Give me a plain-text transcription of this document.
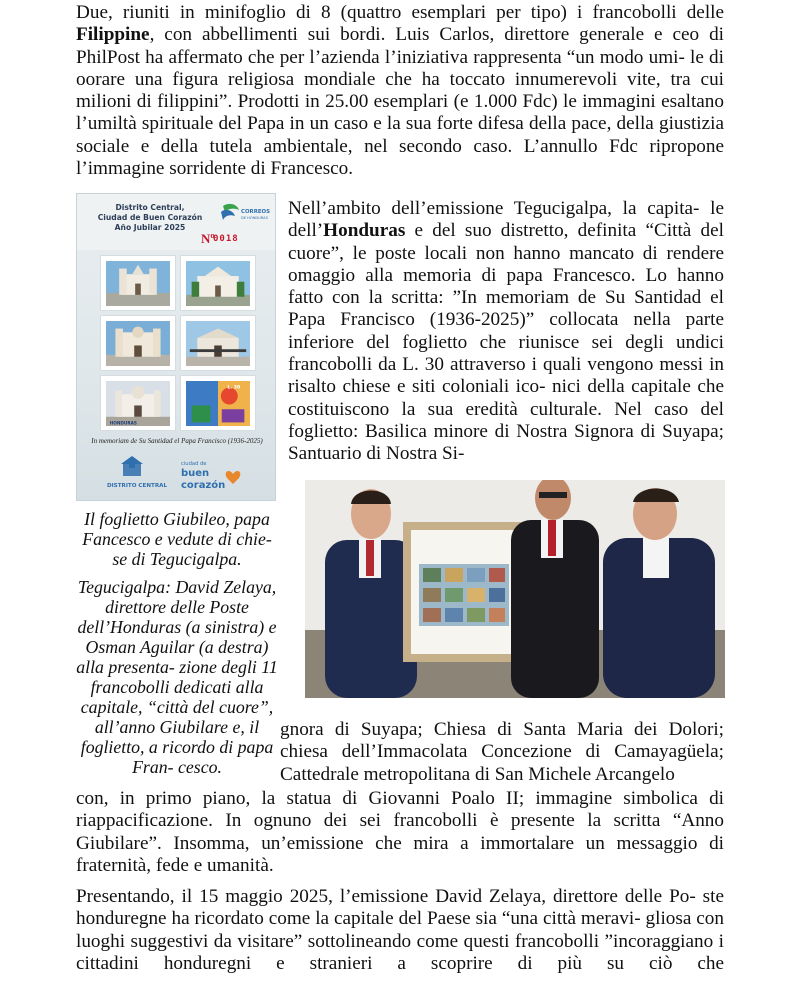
Due, riuniti in minifoglio di 8 (quattro esemplari per tipo) i francobolli delle Filippine, con abbellimenti sui bordi. Luis Carlos, direttore generale e ceo di PhilPost ha affermato che per l’azienda l’iniziativa rappresenta “un modo umi- le di oorare una figura religiosa mondiale che ha toccato innumerevoli vite, tra cui milioni di filippini”. Prodotti in 25.00 esemplari (e 1.000 Fdc) le immagini esaltano l’umiltà spirituale del Papa in un caso e la sua forte difesa della pace, della giustizia sociale e della tutela ambientale, nel secondo caso. L’annullo Fdc ripropone l’immagine sorridente di Francesco.

Distrito Central,
Ciudad de Buen Corazón
Año Jubilar 2025
CORREOS
DE HONDURAS
Nº
0018
HONDURAS
L. 30
In memoriam de Su Santidad el Papa Francisco (1936-2025)
DISTRITO CENTRAL
ciudad de
buen
corazón

Nell’ambito dell’emissione Tegucigalpa, la capita- le dell’Honduras e del suo distretto, definita “Città del cuore”, le poste locali non hanno mancato di rendere omaggio alla memoria di papa Francesco. Lo hanno fatto con la scritta: ”In memoriam de Su Santidad el Papa Francisco (1936-2025)” collocata nella parte inferiore del foglietto che riunisce sei degli undici francobolli da L. 30 attraverso i quali vengono messi in risalto chiese e siti coloniali ico- nici della capitale che costituiscono la sua eredità culturale. Nel caso del foglietto: Basilica minore di Nostra Signora di Suyapa; Santuario di Nostra Si-

gnora di Suyapa; Chiesa di Santa Maria dei Dolori; chiesa dell’Immacolata Concezione di Camayagüela; Cattedrale metropolitana di San Michele Arcangelo

Il foglietto Giubileo, papa Fancesco e vedute di chie- se di Tegucigalpa.

Tegucigalpa: David Zelaya, direttore delle Poste dell’Honduras (a sinistra) e Osman Aguilar (a destra) alla presenta- zione degli 11 francobolli dedicati alla capitale, “città del cuore”, all’anno Giubilare e, il foglietto, a ricordo di papa Fran- cesco.

con, in primo piano, la statua di Giovanni Poalo II; immagine simbolica di riappacificazione. In ognuno dei sei francobolli è presente la scritta “Anno Giubilare”. Insomma, un’emissione che mira a immortalare un messaggio di fraternità, fede e umanità.

Presentando, il 15 maggio 2025, l’emissione David Zelaya, direttore delle Po- ste honduregne ha ricordato come la capitale del Paese sia “una città meravi- gliosa con luoghi suggestivi da visitare” sottolineando come questi francobolli ”incoraggiano i cittadini honduregni e stranieri a scoprire di più su ciò che
